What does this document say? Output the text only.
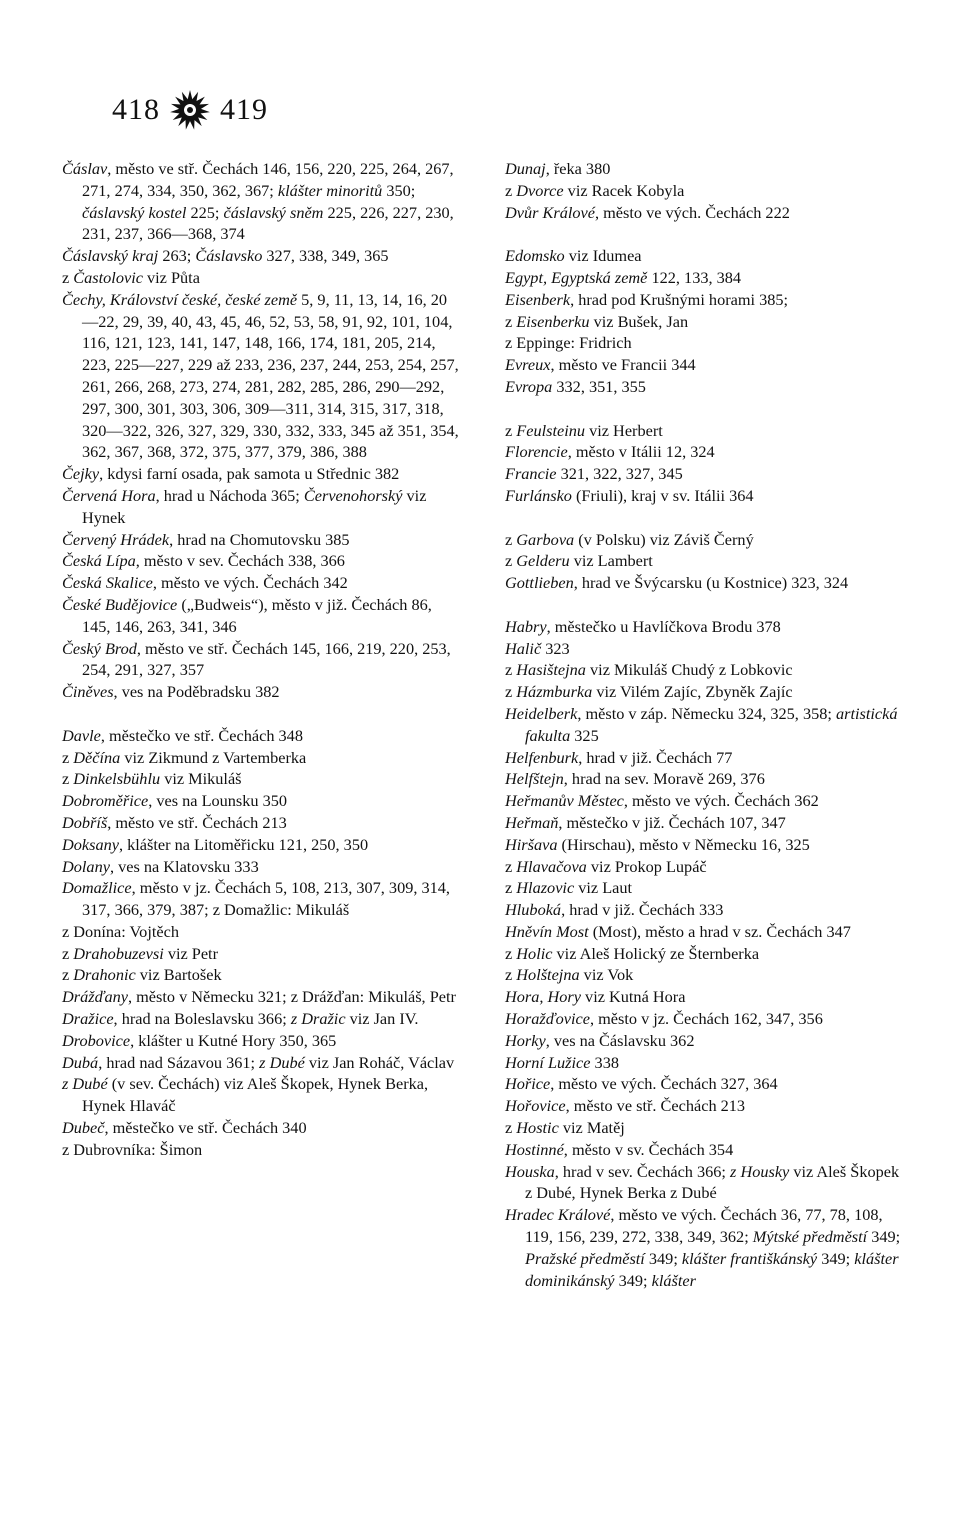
418 419
Čáslav, město ve stř. Čechách 146, 156, 220, 225, 264, 267, 271, 274, 334, 350, 362, 367; klášter minoritů 350; čáslavský kostel 225; čáslavský sněm 225, 226, 227, 230, 231, 237, 366—368, 374
Čáslavský kraj 263; Čáslavsko 327, 338, 349, 365
z Častolovic viz Půta
Čechy, Království české, české země 5, 9, 11, 13, 14, 16, 20—22, 29, 39, 40, 43, 45, 46, 52, 53, 58, 91, 92, 101, 104, 116, 121, 123, 141, 147, 148, 166, 174, 181, 205, 214, 223, 225—227, 229 až 233, 236, 237, 244, 253, 254, 257, 261, 266, 268, 273, 274, 281, 282, 285, 286, 290—292, 297, 300, 301, 303, 306, 309—311, 314, 315, 317, 318, 320—322, 326, 327, 329, 330, 332, 333, 345 až 351, 354, 362, 367, 368, 372, 375, 377, 379, 386, 388
Čejky, kdysi farní osada, pak samota u Střednic 382
Červená Hora, hrad u Náchoda 365; Červenohorský viz Hynek
Červený Hrádek, hrad na Chomutovsku 385
Česká Lípa, město v sev. Čechách 338, 366
Česká Skalice, město ve vých. Čechách 342
České Budějovice („Budweis“), město v již. Čechách 86, 145, 146, 263, 341, 346
Český Brod, město ve stř. Čechách 145, 166, 219, 220, 253, 254, 291, 327, 357
Činěves, ves na Poděbradsku 382
Davle, městečko ve stř. Čechách 348
z Děčína viz Zikmund z Vartemberka
z Dinkelsbühlu viz Mikuláš
Dobroměřice, ves na Lounsku 350
Dobříš, město ve stř. Čechách 213
Doksany, klášter na Litoměřicku 121, 250, 350
Dolany, ves na Klatovsku 333
Domažlice, město v jz. Čechách 5, 108, 213, 307, 309, 314, 317, 366, 379, 387; z Domažlic: Mikuláš
z Donína: Vojtěch
z Drahobuzevsi viz Petr
z Drahonic viz Bartošek
Drážďany, město v Německu 321; z Drážďan: Mikuláš, Petr
Dražice, hrad na Boleslavsku 366; z Dražic viz Jan IV.
Drobovice, klášter u Kutné Hory 350, 365
Dubá, hrad nad Sázavou 361; z Dubé viz Jan Roháč, Václav
z Dubé (v sev. Čechách) viz Aleš Škopek, Hynek Berka, Hynek Hlaváč
Dubeč, městečko ve stř. Čechách 340
z Dubrovníka: Šimon
Dunaj, řeka 380
z Dvorce viz Racek Kobyla
Dvůr Králové, město ve vých. Čechách 222
Edomsko viz Idumea
Egypt, Egyptská země 122, 133, 384
Eisenberk, hrad pod Krušnými horami 385;
z Eisenberku viz Bušek, Jan
z Eppinge: Fridrich
Evreux, město ve Francii 344
Evropa 332, 351, 355
z Feulsteinu viz Herbert
Florencie, město v Itálii 12, 324
Francie 321, 322, 327, 345
Furlánsko (Friuli), kraj v sv. Itálii 364
z Garbova (v Polsku) viz Záviš Černý
z Gelderu viz Lambert
Gottlieben, hrad ve Švýcarsku (u Kostnice) 323, 324
Habry, městečko u Havlíčkova Brodu 378
Halič 323
z Hasištejna viz Mikuláš Chudý z Lobkovic
z Házmburka viz Vilém Zajíc, Zbyněk Zajíc
Heidelberk, město v záp. Německu 324, 325, 358; artistická fakulta 325
Helfenburk, hrad v již. Čechách 77
Helfštejn, hrad na sev. Moravě 269, 376
Heřmanův Městec, město ve vých. Čechách 362
Heřmaň, městečko v již. Čechách 107, 347
Hiršava (Hirschau), město v Německu 16, 325
z Hlavačova viz Prokop Lupáč
z Hlazovic viz Laut
Hluboká, hrad v již. Čechách 333
Hněvín Most (Most), město a hrad v sz. Čechách 347
z Holic viz Aleš Holický ze Šternberka
z Holštejna viz Vok
Hora, Hory viz Kutná Hora
Horažďovice, město v jz. Čechách 162, 347, 356
Horky, ves na Čáslavsku 362
Horní Lužice 338
Hořice, město ve vých. Čechách 327, 364
Hořovice, město ve stř. Čechách 213
z Hostic viz Matěj
Hostinné, město v sv. Čechách 354
Houska, hrad v sev. Čechách 366; z Housky viz Aleš Škopek z Dubé, Hynek Berka z Dubé
Hradec Králové, město ve vých. Čechách 36, 77, 78, 108, 119, 156, 239, 272, 338, 349, 362; Mýtské předměstí 349; Pražské předměstí 349; klášter františkánský 349; klášter dominikánský 349; klášter
